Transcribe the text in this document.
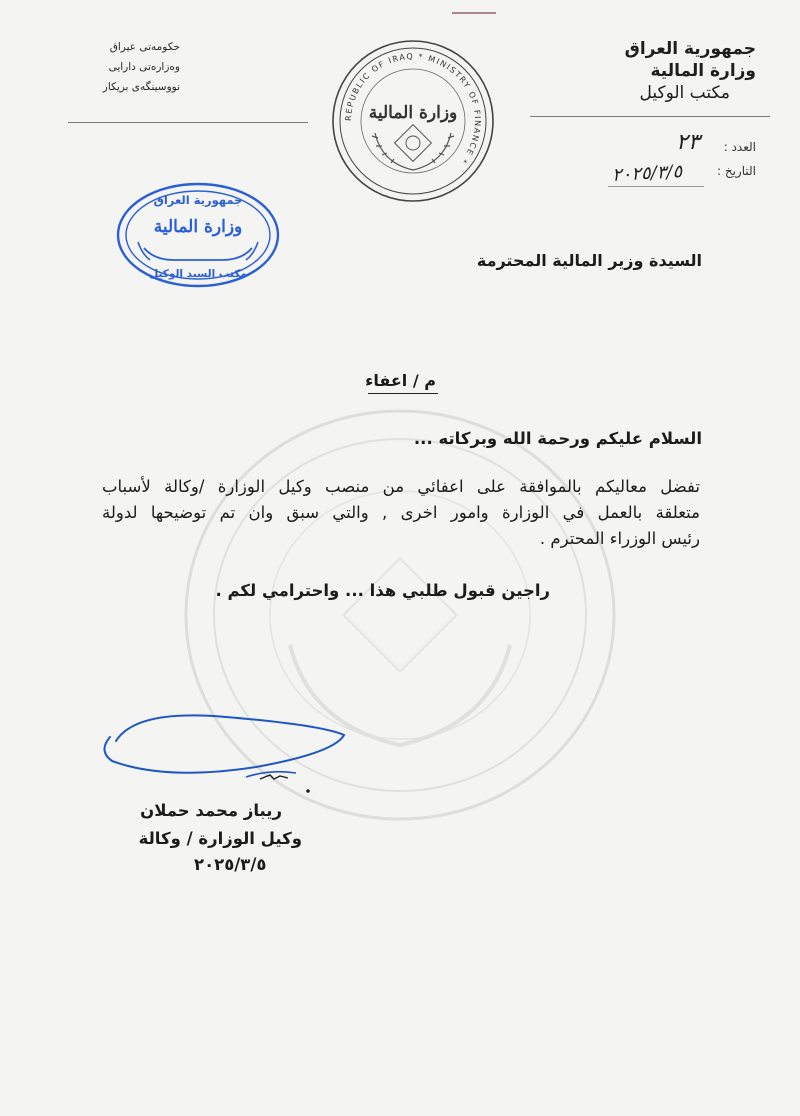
جمهورية العراق
وزارة المالية
مكتب الوكيل
حكومەتی عیراق
وەزارەتی دارایی
نووسینگەی بریکار
REPUBLIC OF IRAQ * MINISTRY OF FINANCE *
وزارة المالية
العدد :
٢٣
التاريخ :
٢٠٢٥/٣/٥
جمهورية العراق
وزارة المالية
مكتب السيد الوكيل
السيدة وزير المالية المحترمة
م / اعفاء
السلام عليكم ورحمة الله وبركاته ...
تفضل معاليكم بالموافقة على اعفائي من منصب وكيل الوزارة /وكالة لأسباب
متعلقة بالعمل في الوزارة وامور اخرى , والتي سبق وان تم توضيحها لدولة
رئيس الوزراء المحترم .
راجين قبول طلبي هذا ... واحترامي لكم .
ريباز محمد حملان
وكيل الوزارة / وكالة
٢٠٢٥/٣/٥
